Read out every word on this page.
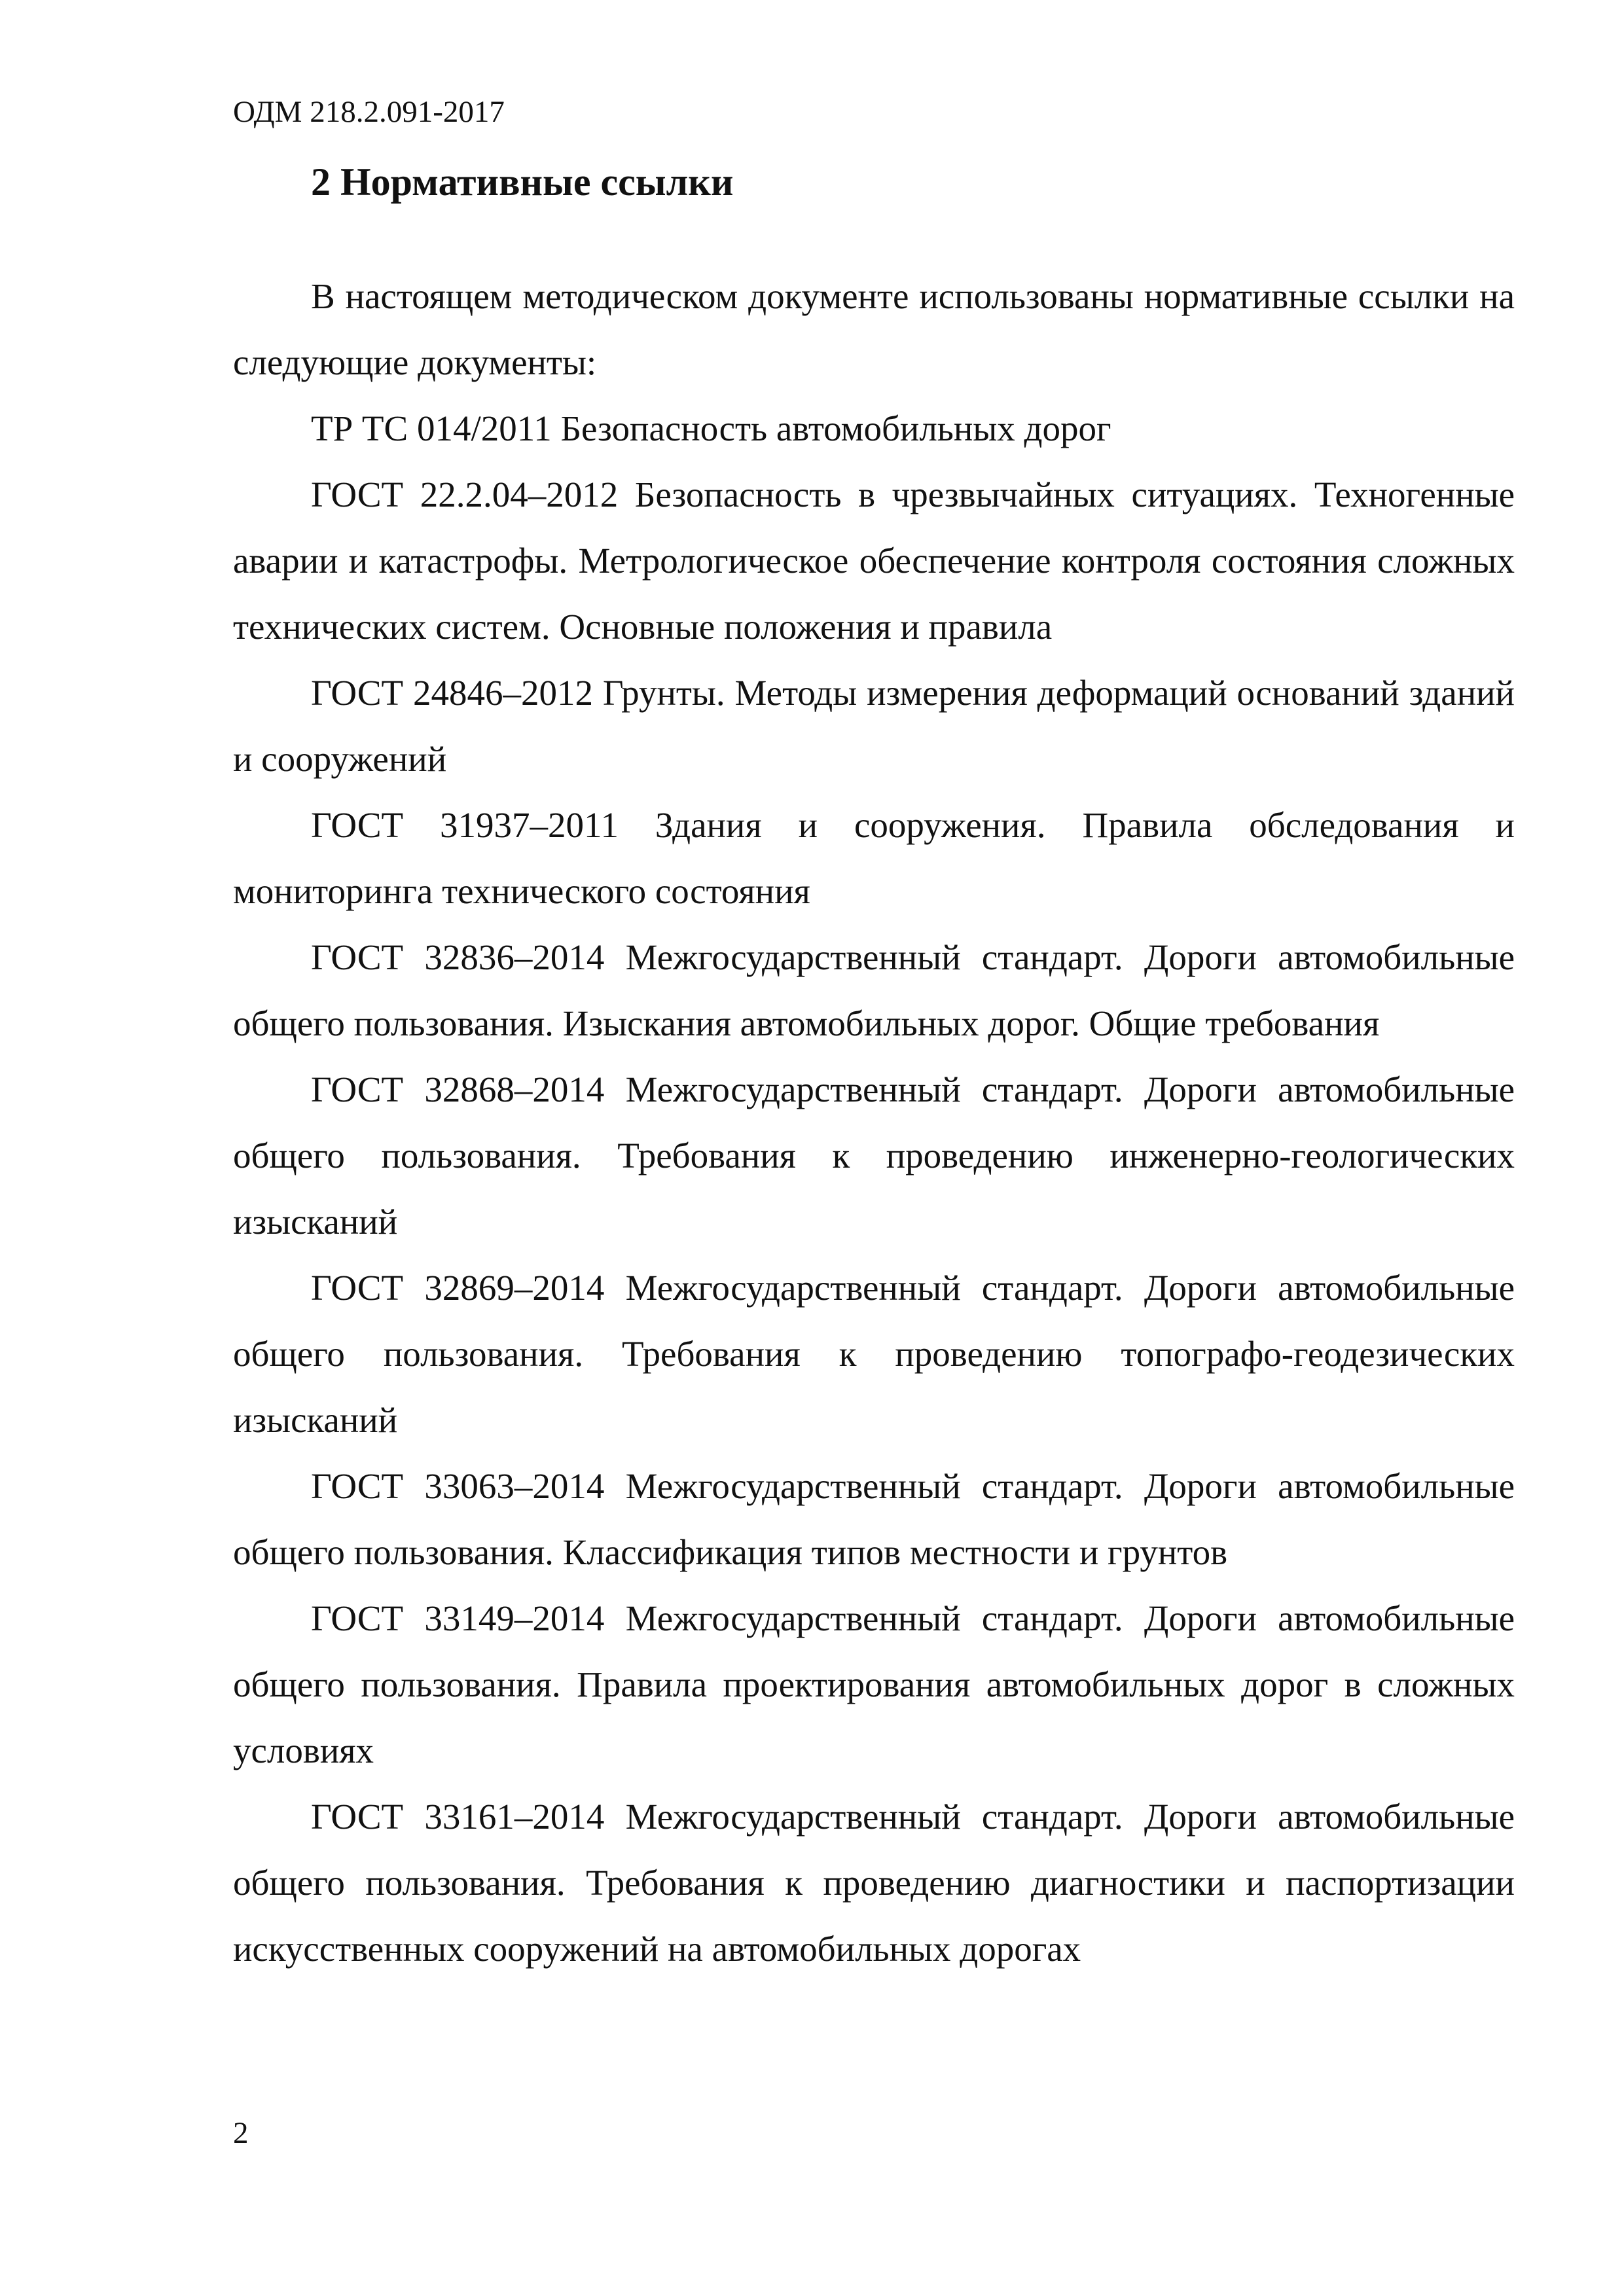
ОДМ 218.2.091-2017
2 Нормативные ссылки

В настоящем методическом документе использованы нормативные ссылки на следующие документы:

ТР ТС 014/2011 Безопасность автомобильных дорог

ГОСТ 22.2.04–2012 Безопасность в чрезвычайных ситуациях. Техногенные аварии и катастрофы. Метрологическое обеспечение контроля состояния сложных технических систем. Основные положения и правила

ГОСТ 24846–2012 Грунты. Методы измерения деформаций оснований зданий и сооружений

ГОСТ 31937–2011 Здания и сооружения. Правила обследования и мониторинга технического состояния

ГОСТ 32836–2014 Межгосударственный стандарт. Дороги автомобильные общего пользования. Изыскания автомобильных дорог. Общие требования

ГОСТ 32868–2014 Межгосударственный стандарт. Дороги автомобильные общего пользования. Требования к проведению инженерно-геологических изысканий

ГОСТ 32869–2014 Межгосударственный стандарт. Дороги автомобильные общего пользования. Требования к проведению топографо-геодезических изысканий

ГОСТ 33063–2014 Межгосударственный стандарт. Дороги автомобильные общего пользования. Классификация типов местности и грунтов

ГОСТ 33149–2014 Межгосударственный стандарт. Дороги автомобильные общего пользования. Правила проектирования автомобильных дорог в сложных условиях

ГОСТ 33161–2014 Межгосударственный стандарт. Дороги автомобильные общего пользования. Требования к проведению диагностики и паспортизации искусственных сооружений на автомобильных дорогах

2
